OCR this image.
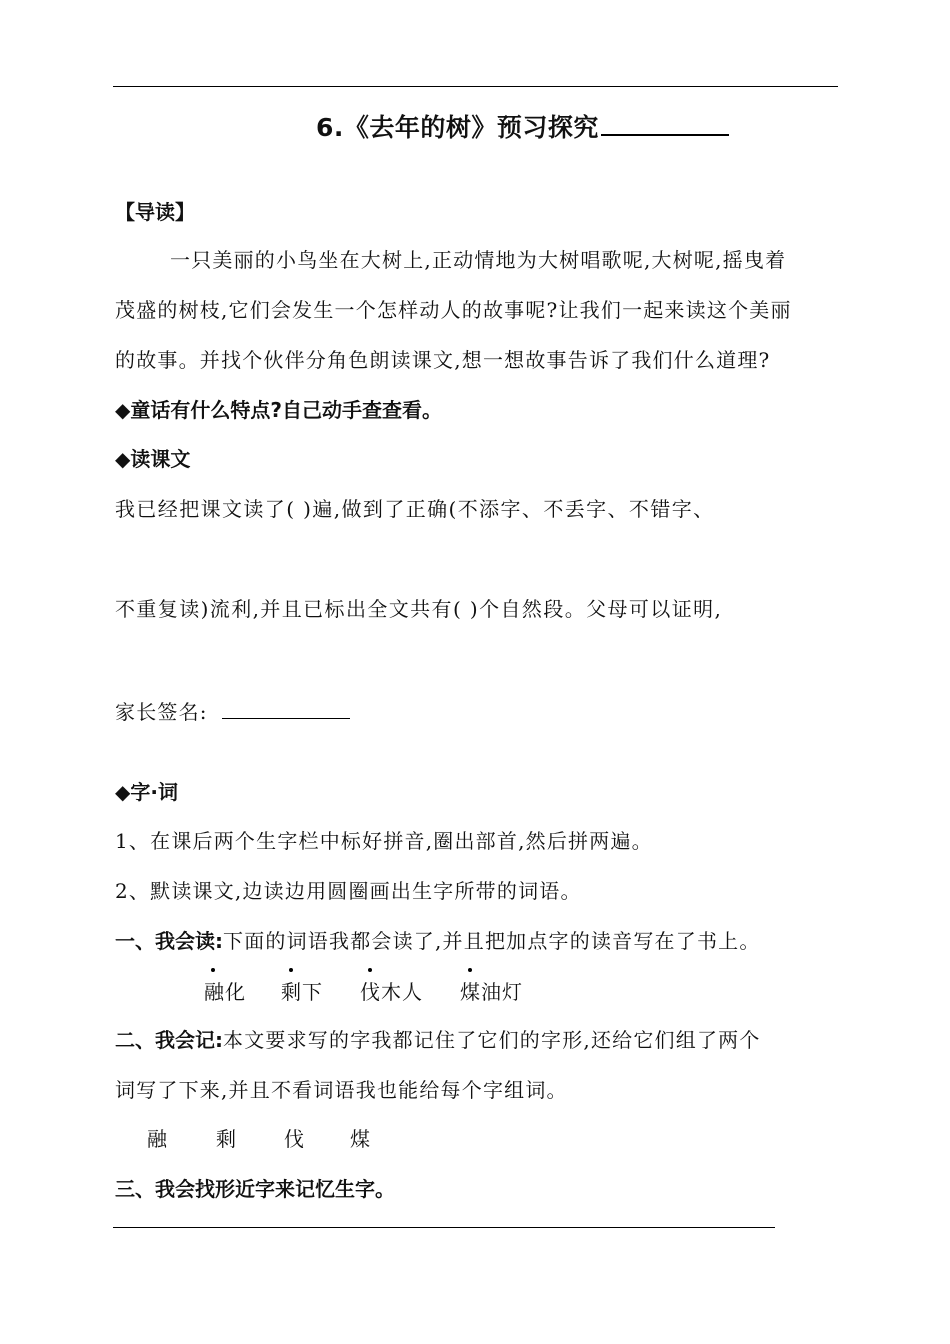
6.《去年的树》预习探究
【导读】
一只美丽的小鸟坐在大树上,正动情地为大树唱歌呢,大树呢,摇曳着
茂盛的树枝,它们会发生一个怎样动人的故事呢?让我们一起来读这个美丽
的故事。并找个伙伴分角色朗读课文,想一想故事告诉了我们什么道理?
◆童话有什么特点?自己动手查查看。
◆读课文
我已经把课文读了( )遍,做到了正确(不添字、不丢字、不错字、
不重复读)流利,并且已标出全文共有( )个自然段。父母可以证明,
家长签名:
◆字·词
1、在课后两个生字栏中标好拼音,圈出部首,然后拼两遍。
2、默读课文,边读边用圆圈画出生字所带的词语。
一、我会读:下面的词语我都会读了,并且把加点字的读音写在了书上。
融化 剩下 伐木人 煤油灯
二、我会记:本文要求写的字我都记住了它们的字形,还给它们组了两个
词写了下来,并且不看词语我也能给每个字组词。
融 剩 伐 煤
三、我会找形近字来记忆生字。
